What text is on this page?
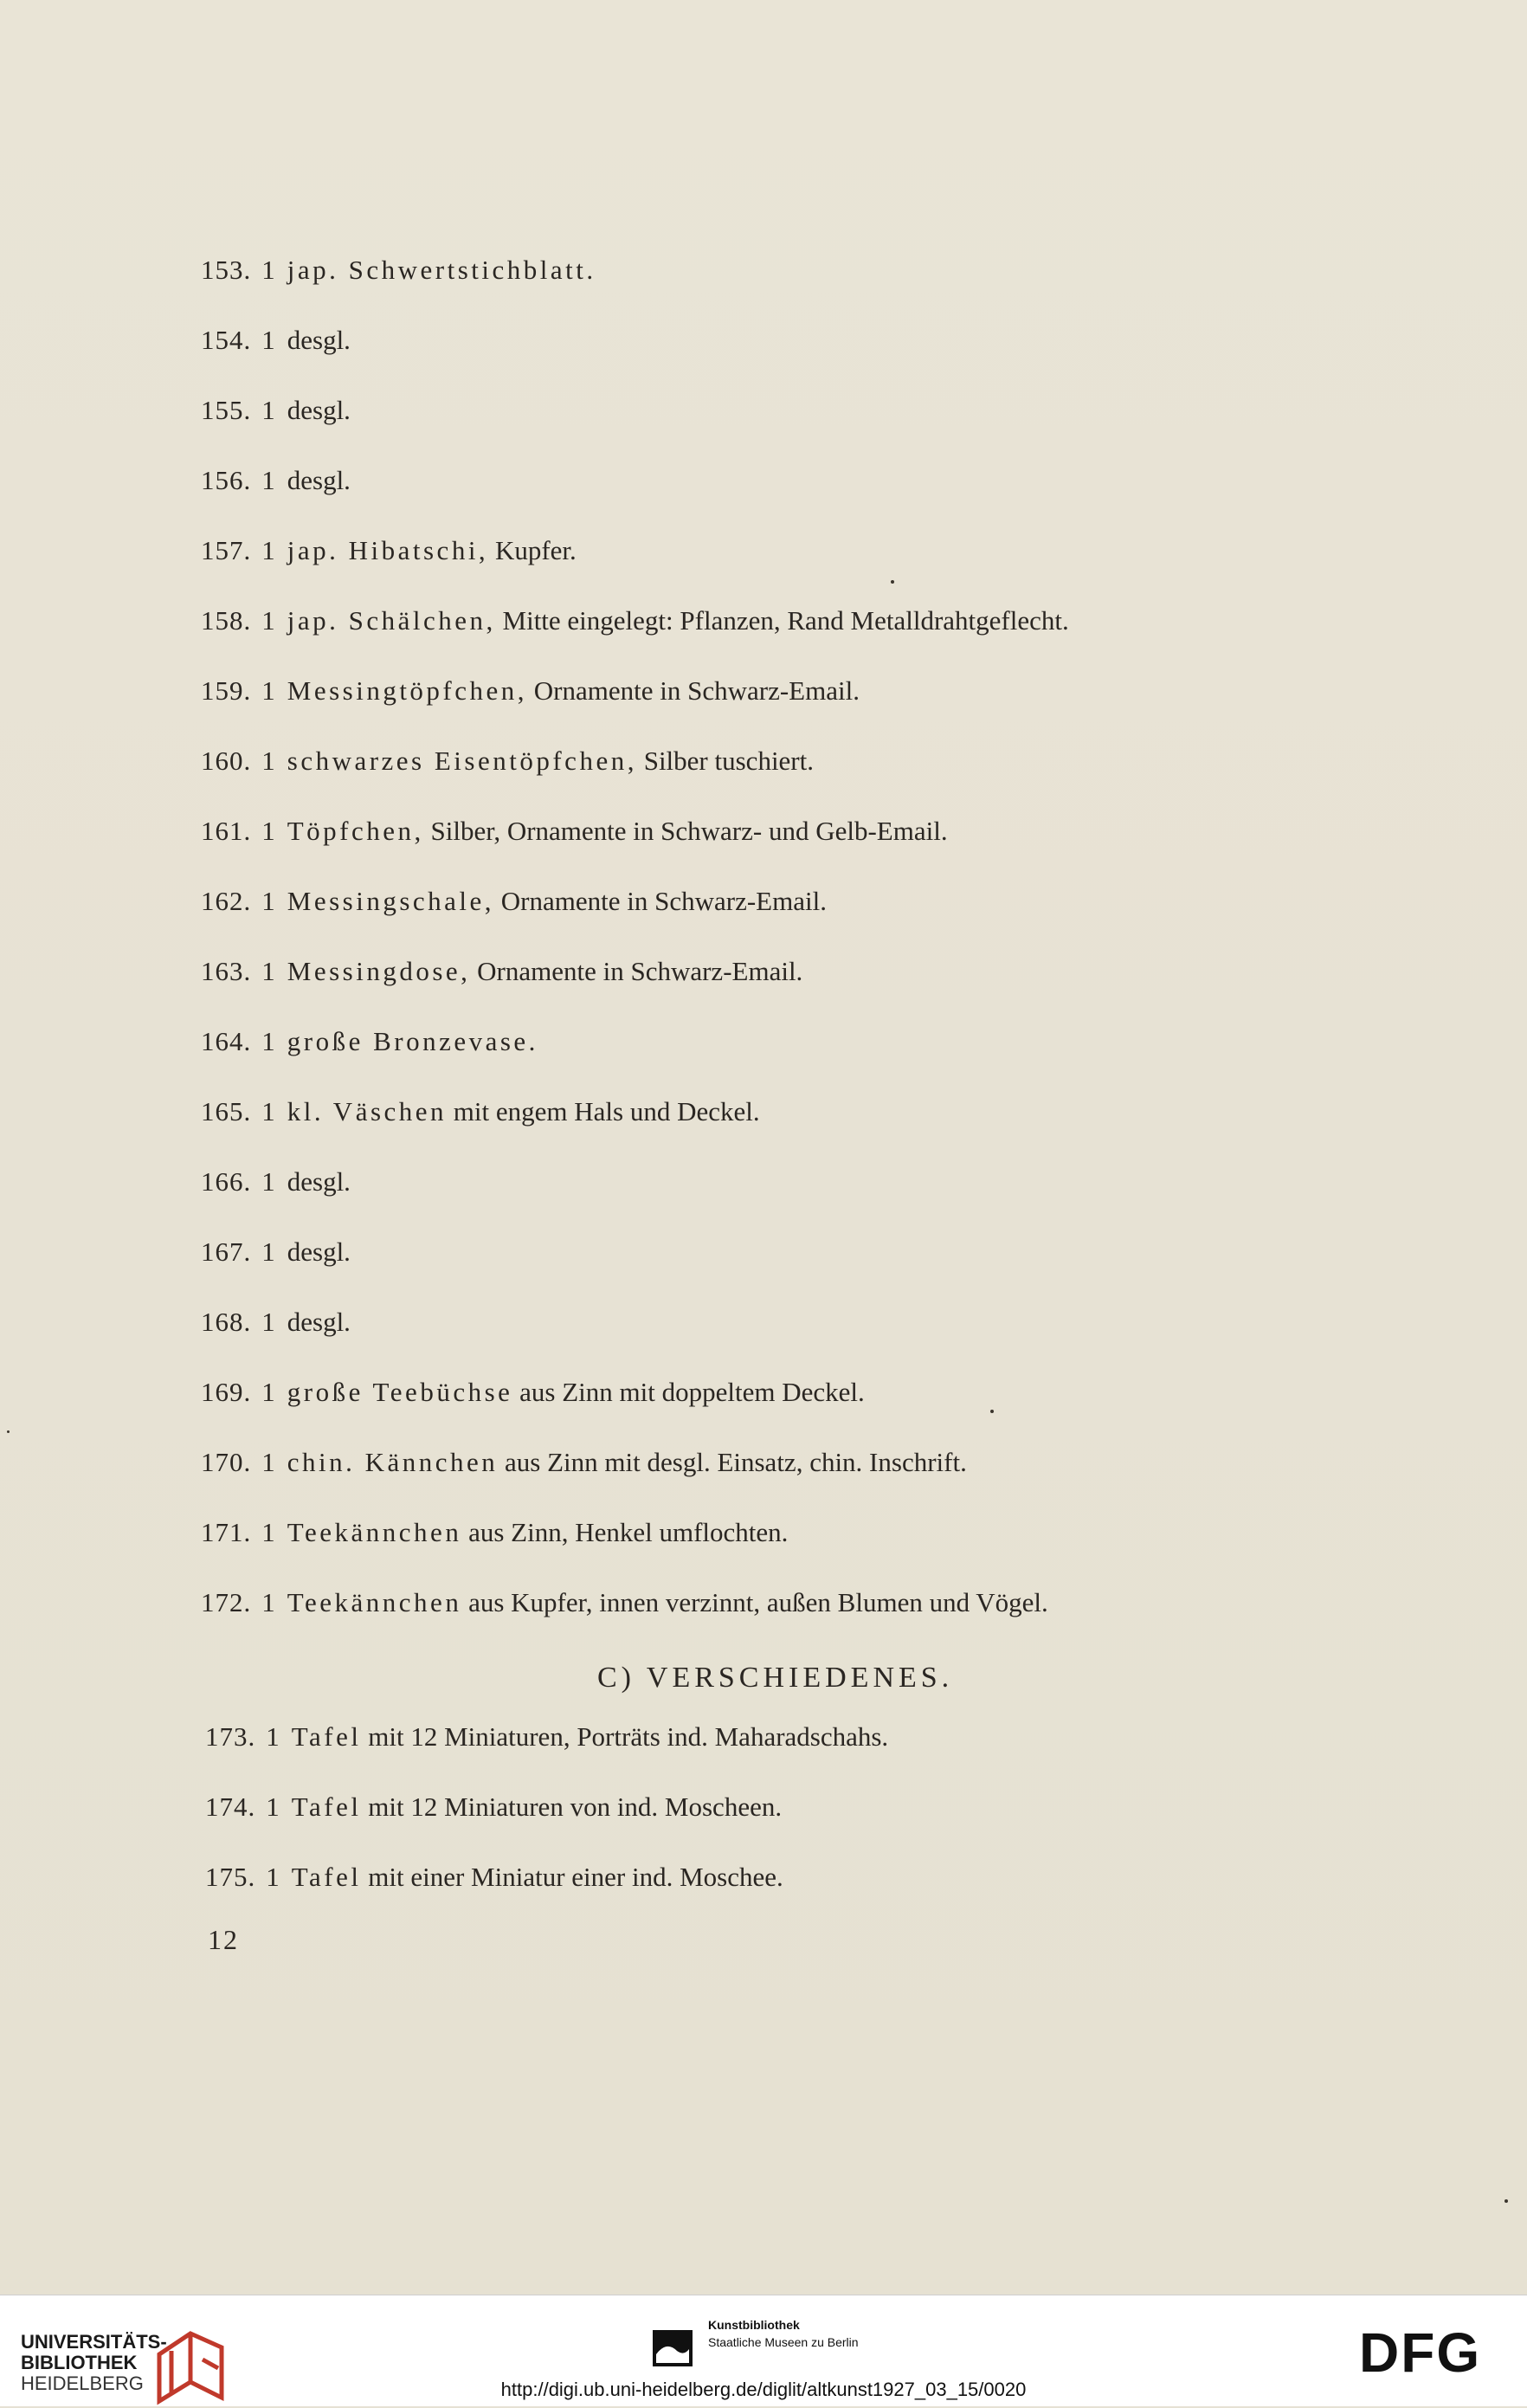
153. 1 jap. Schwertstichblatt.
154. 1 desgl.
155. 1 desgl.
156. 1 desgl.
157. 1 jap. Hibatschi, Kupfer.
158. 1 jap. Schälchen, Mitte eingelegt: Pflanzen, Rand Metalldrahtgeflecht.
159. 1 Messingtöpfchen, Ornamente in Schwarz-Email.
160. 1 schwarzes Eisentöpfchen, Silber tuschiert.
161. 1 Töpfchen, Silber, Ornamente in Schwarz- und Gelb-Email.
162. 1 Messingschale, Ornamente in Schwarz-Email.
163. 1 Messingdose, Ornamente in Schwarz-Email.
164. 1 große Bronzevase.
165. 1 kl. Väschen mit engem Hals und Deckel.
166. 1 desgl.
167. 1 desgl.
168. 1 desgl.
169. 1 große Teebüchse aus Zinn mit doppeltem Deckel.
170. 1 chin. Kännchen aus Zinn mit desgl. Einsatz, chin. Inschrift.
171. 1 Teekännchen aus Zinn, Henkel umflochten.
172. 1 Teekännchen aus Kupfer, innen verzinnt, außen Blumen und Vögel.
C) VERSCHIEDENES.
173. 1 Tafel mit 12 Miniaturen, Porträts ind. Maharadschahs.
174. 1 Tafel mit 12 Miniaturen von ind. Moscheen.
175. 1 Tafel mit einer Miniatur einer ind. Moschee.
12
UNIVERSITÄTS-
BIBLIOTHEK
HEIDELBERG
Kunstbibliothek
Staatliche Museen zu Berlin	DFG
http://digi.ub.uni-heidelberg.de/diglit/altkunst1927_03_15/0020
